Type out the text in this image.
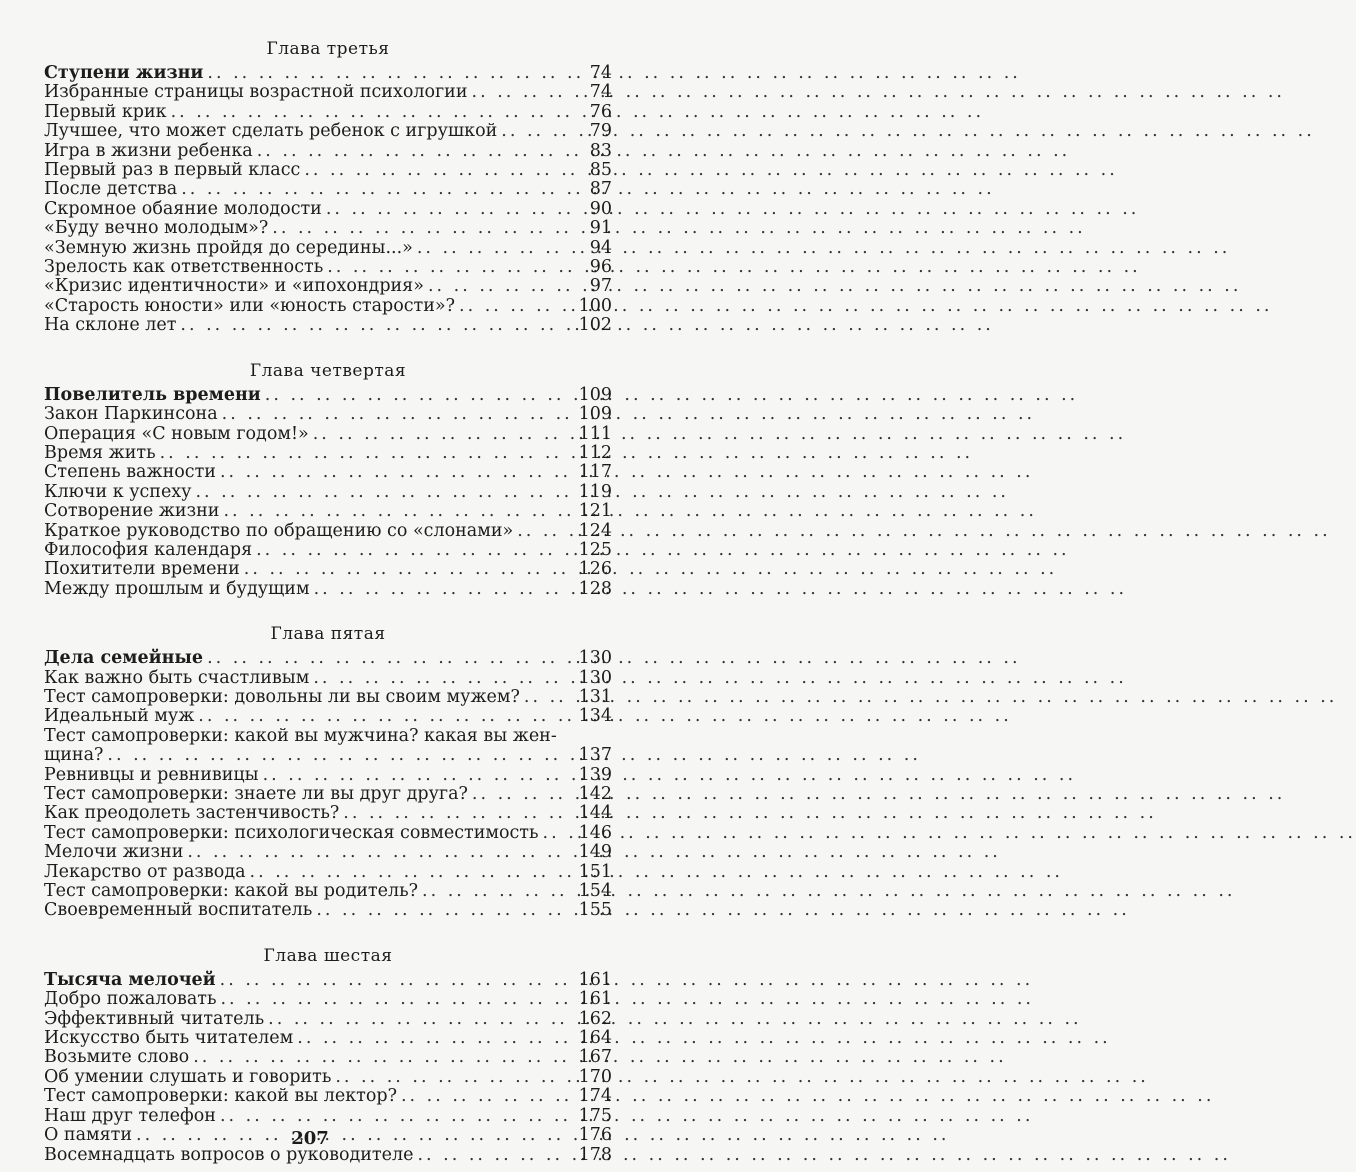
Глава третья
Ступени жизни .. ..	74
Избранные страницы возрастной психологии .. ..	74
Первый крик .. ..	76
Лучшее, что может сделать ребенок с игрушкой .. ..	79
Игра в жизни ребенка .. ..	83
Первый раз в первый класс .. ..	85
После детства .. ..	87
Скромное обаяние молодости .. ..	90
«Буду вечно молодым»? .. ..	91
«Земную жизнь пройдя до середины...» .. ..	94
Зрелость как ответственность .. ..	96
«Кризис идентичности» и «ипохондрия» .. ..	97
«Старость юности» или «юность старости»? .. ..	100
На склоне лет .. ..	102
Глава четвертая
Повелитель времени .. ..	109
Закон Паркинсона .. ..	109
Операция «С новым годом!» .. ..	111
Время жить .. ..	112
Степень важности .. ..	117
Ключи к успеху .. ..	119
Сотворение жизни .. ..	121
Краткое руководство по обращению со «слонами» .. ..	124
Философия календаря .. ..	125
Похитители времени .. ..	126
Между прошлым и будущим .. ..	128
Глава пятая
Дела семейные .. ..	130
Как важно быть счастливым .. ..	130
Тест самопроверки: довольны ли вы своим мужем? .. ..	131
Идеальный муж .. ..	134
Тест самопроверки: какой вы мужчина? какая вы жен-
щина? .. ..	137
Ревнивцы и ревнивицы .. ..	139
Тест самопроверки: знаете ли вы друг друга? .. ..	142
Как преодолеть застенчивость? .. ..	144
Тест самопроверки: психологическая совместимость .. .. 146
Мелочи жизни .. ..	149
Лекарство от развода .. ..	151
Тест самопроверки: какой вы родитель? .. ..	154
Своевременный воспитатель .. ..	155
Глава шестая
Тысяча мелочей .. ..	161
Добро пожаловать .. ..	161
Эффективный читатель .. ..	162
Искусство быть читателем .. ..	164
Возьмите слово .. ..	167
Об умении слушать и говорить .. ..	170
Тест самопроверки: какой вы лектор? .. ..	174
Наш друг телефон .. ..	175
О памяти .. ..	176
Восемнадцать вопросов о руководителе .. ..	178
207
